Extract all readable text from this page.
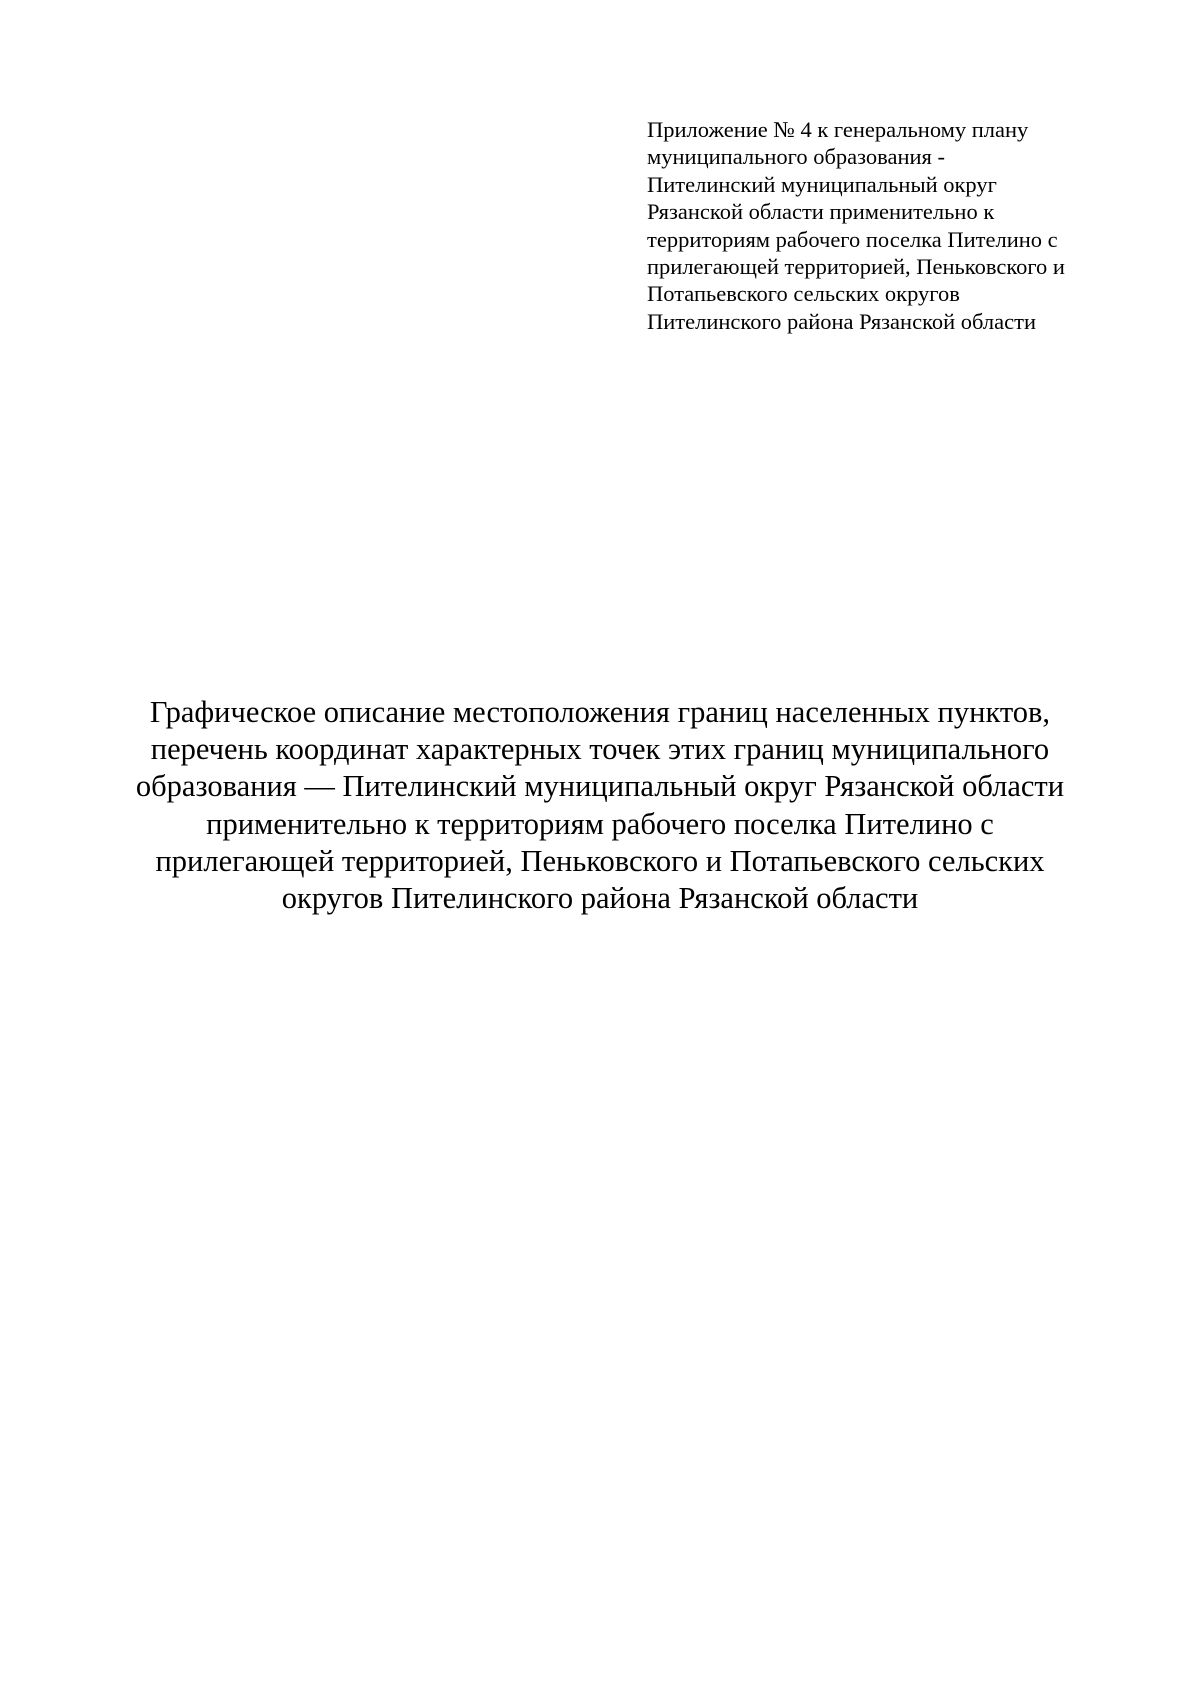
Приложение № 4 к генеральному плану
муниципального образования -
Пителинский муниципальный округ
Рязанской области применительно к
территориям рабочего поселка Пителино с
прилегающей территорией, Пеньковского и
Потапьевского сельских округов
Пителинского района Рязанской области
Графическое описание местоположения границ населенных пунктов,
перечень координат характерных точек этих границ муниципального
образования — Пителинский муниципальный округ Рязанской области
применительно к территориям рабочего поселка Пителино с
прилегающей территорией, Пеньковского и Потапьевского сельских
округов Пителинского района Рязанской области
